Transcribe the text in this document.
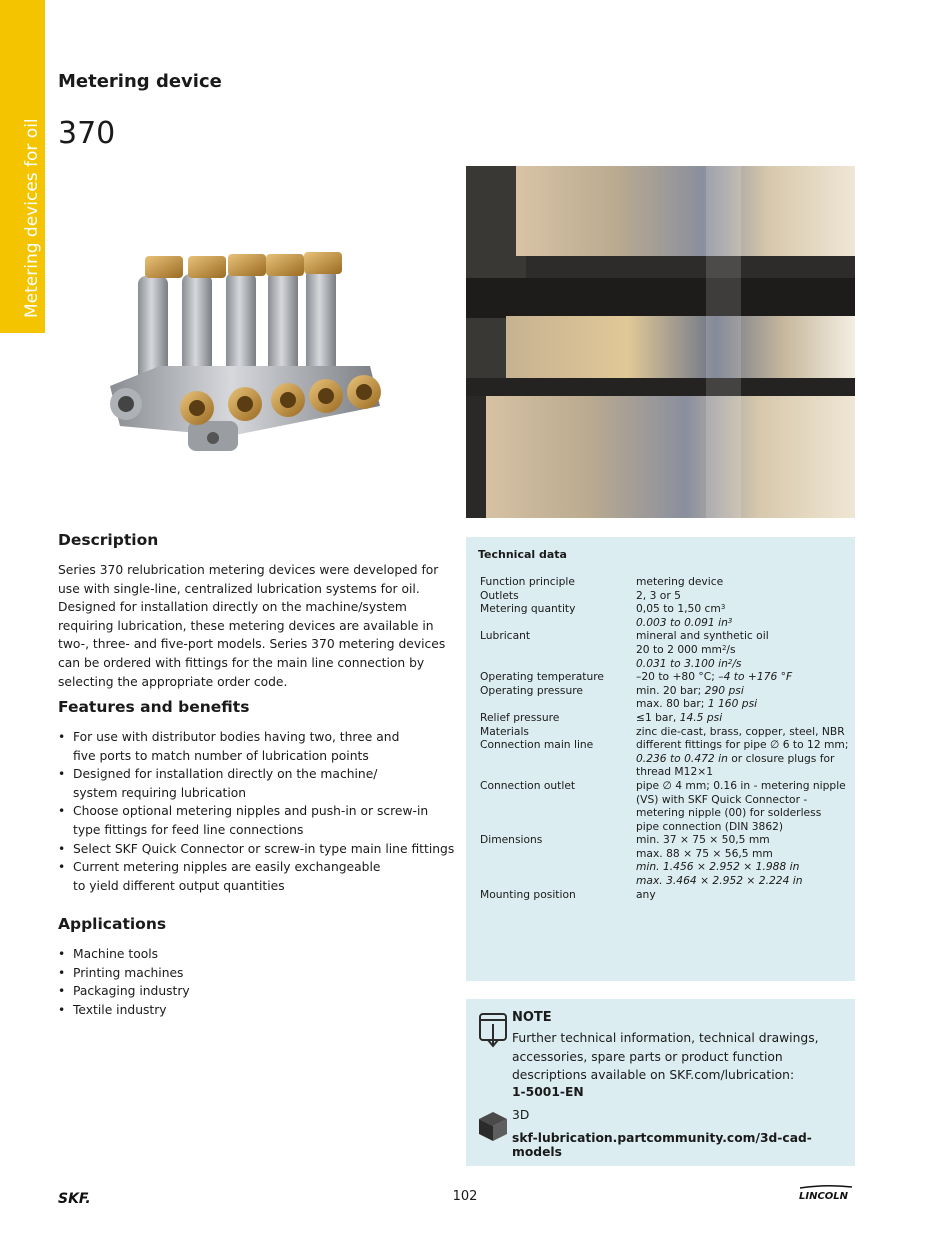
Metering devices for oil
Metering device
370
Description

Series 370 relubrication metering devices were developed for use with single-line, centralized lubrication systems for oil. Designed for installation directly on the machine/system requiring lubrication, these metering devices are available in two-, three- and five-port models. Series 370 metering devices can be ordered with fittings for the main line connection by selecting the appropriate order code.

Features and benefits
• For use with distributor bodies having two, three and
five ports to match number of lubrication points
• Designed for installation directly on the machine/
system requiring lubrication
• Choose optional metering nipples and push-in or screw-in
type fittings for feed line connections
• Select SKF Quick Connector or screw-in type main line fittings
• Current metering nipples are easily exchangeable
to yield different output quantities
Applications
• Machine tools
• Printing machines
• Packaging industry
• Textile industry
Technical data
Function principle	metering device
Outlets	2, 3 or 5
Metering quantity	0,05 to 1,50 $cm^3$
0.003 to 0.091 $in^3$
Lubricant	mineral and synthetic oil
20 to 2 000 $mm^2/s$
0.031 to 3.100 $in^2/s$
Operating temperature	–20 to +80 °C; –4 to +176 °F
Operating pressure	min. 20 bar; 290 psi
max. 80 bar; 1 160 psi
Relief pressure	≤1 bar, 14.5 psi
Materials	zinc die-cast, brass, copper, steel, NBR
Connection main line	different fittings for pipe ∅ 6 to 12 mm;
0.236 to 0.472 in or closure plugs for
thread M12×1
Connection outlet	pipe ∅ 4 mm; 0.16 in - metering nipple
(VS) with SKF Quick Connector -
metering nipple (00) for solderless
pipe connection (DIN 3862)
Dimensions	min. 37 × 75 × 50,5 mm
max. 88 × 75 × 56,5 mm
min. 1.456 × 2.952 × 1.988 in
max. 3.464 × 2.952 × 2.224 in
Mounting position	any
NOTE
Further technical information, technical drawings, accessories, spare parts or product function descriptions available on SKF.com/lubrication:
1-5001-EN
3D
skf-lubrication.partcommunity.com/3d-cad-models
SKF.	102	LINCOLN
